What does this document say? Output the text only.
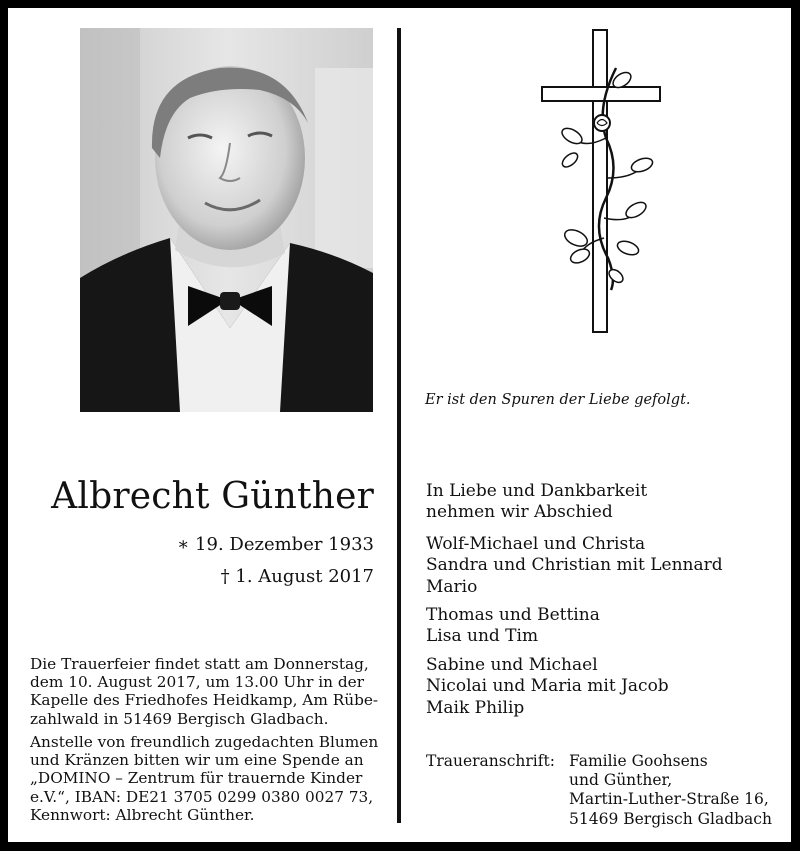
Albrecht Günther
∗ 19. Dezember 1933
† 1. August 2017
Die Trauerfeier findet statt am Donnerstag,
dem 10. August 2017, um 13.00 Uhr in der
Kapelle des Friedhofes Heidkamp, Am Rübe-
zahlwald in 51469 Bergisch Gladbach.
Anstelle von freundlich zugedachten Blumen
und Kränzen bitten wir um eine Spende an
„DOMINO – Zentrum für trauernde Kinder
e.V.“, IBAN: DE21 3705 0299 0380 0027 73,
Kennwort: Albrecht Günther.
Er ist den Spuren der Liebe gefolgt.
In Liebe und Dankbarkeit
nehmen wir Abschied
Wolf-Michael und Christa
Sandra und Christian mit Lennard
Mario
Thomas und Bettina
Lisa und Tim
Sabine und Michael
Nicolai und Maria mit Jacob
Maik Philip
Traueranschrift: Familie Goohsens
und Günther,
Martin-Luther-Straße 16,
51469 Bergisch Gladbach
